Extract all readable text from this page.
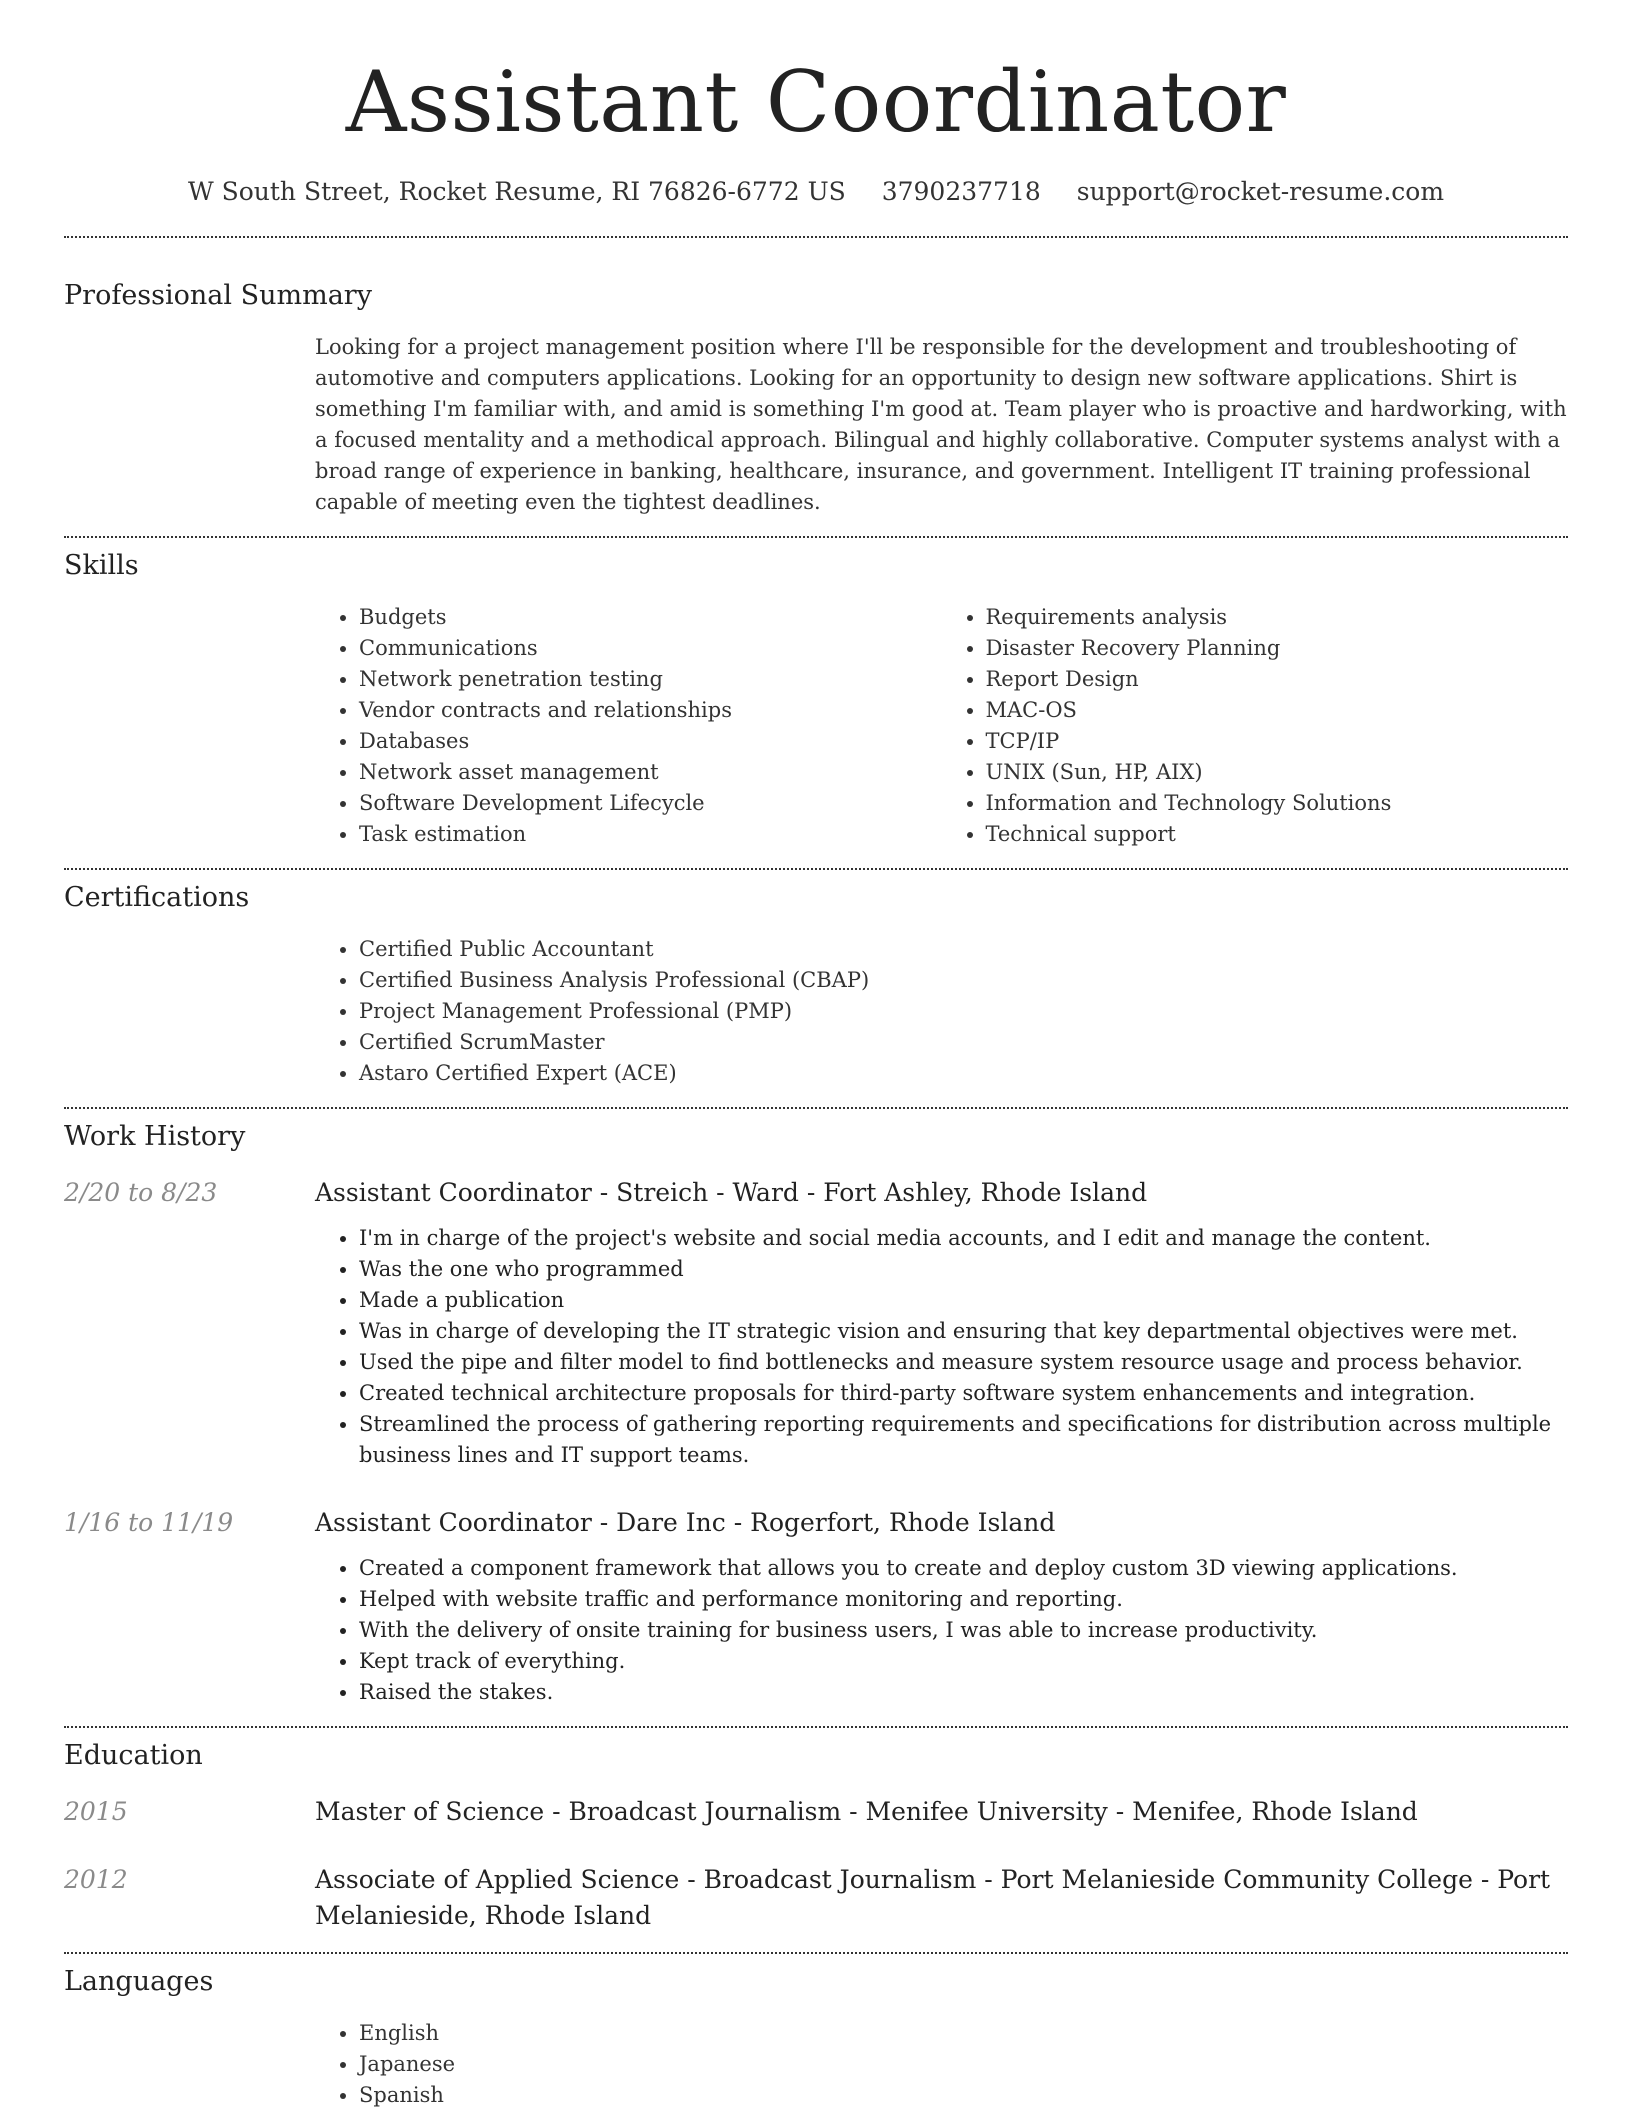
Assistant Coordinator
W South Street, Rocket Resume, RI 76826-6772 US 3790237718 support@rocket-resume.com
Professional Summary
Looking for a project management position where I'll be responsible for the development and troubleshooting of automotive and computers applications. Looking for an opportunity to design new software applications. Shirt is something I'm familiar with, and amid is something I'm good at. Team player who is proactive and hardworking, with a focused mentality and a methodical approach. Bilingual and highly collaborative. Computer systems analyst with a broad range of experience in banking, healthcare, insurance, and government. Intelligent IT training professional capable of meeting even the tightest deadlines.
Skills
• Budgets
• Communications
• Network penetration testing
• Vendor contracts and relationships
• Databases
• Network asset management
• Software Development Lifecycle
• Task estimation
• Requirements analysis
• Disaster Recovery Planning
• Report Design
• MAC-OS
• TCP/IP
• UNIX (Sun, HP, AIX)
• Information and Technology Solutions
• Technical support
Certifications
• Certified Public Accountant
• Certified Business Analysis Professional (CBAP)
• Project Management Professional (PMP)
• Certified ScrumMaster
• Astaro Certified Expert (ACE)
Work History
2/20 to 8/23	Assistant Coordinator - Streich - Ward - Fort Ashley, Rhode Island
• I'm in charge of the project's website and social media accounts, and I edit and manage the content.
• Was the one who programmed
• Made a publication
• Was in charge of developing the IT strategic vision and ensuring that key departmental objectives were met.
• Used the pipe and filter model to find bottlenecks and measure system resource usage and process behavior.
• Created technical architecture proposals for third-party software system enhancements and integration.
• Streamlined the process of gathering reporting requirements and specifications for distribution across multiple business lines and IT support teams.
1/16 to 11/19	Assistant Coordinator - Dare Inc - Rogerfort, Rhode Island
• Created a component framework that allows you to create and deploy custom 3D viewing applications.
• Helped with website traffic and performance monitoring and reporting.
• With the delivery of onsite training for business users, I was able to increase productivity.
• Kept track of everything.
• Raised the stakes.
Education
2015	Master of Science - Broadcast Journalism - Menifee University - Menifee, Rhode Island
2012	Associate of Applied Science - Broadcast Journalism - Port Melanieside Community College - Port Melanieside, Rhode Island
Languages
• English
• Japanese
• Spanish
